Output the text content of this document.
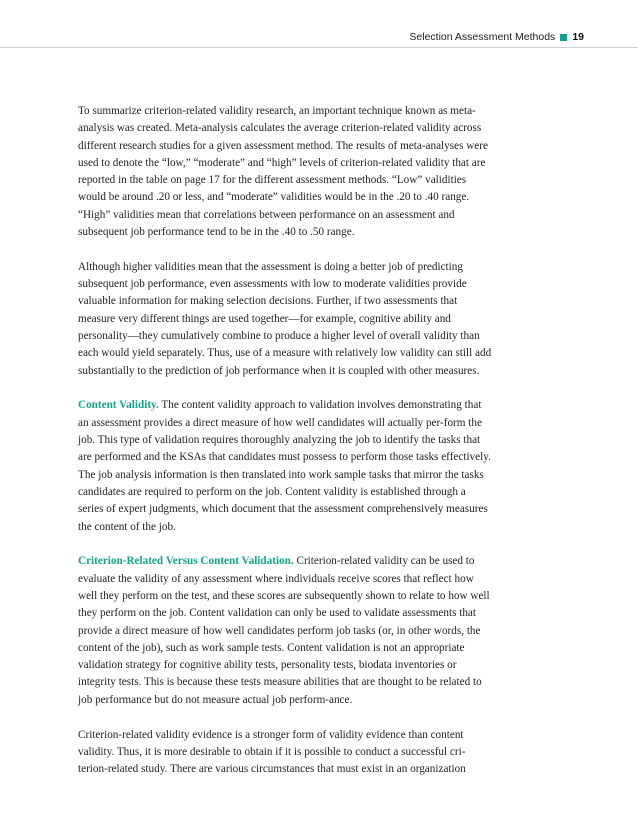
Selection Assessment Methods 19

To summarize criterion-related validity research, an important technique known as meta-analysis was created. Meta-analysis calculates the average criterion-related validity across different research studies for a given assessment method. The results of meta-analyses were used to denote the “low,” “moderate” and “high” levels of criterion-related validity that are reported in the table on page 17 for the different assessment methods. “Low” validities would be around .20 or less, and “moderate” validities would be in the .20 to .40 range. “High” validities mean that correlations between performance on an assessment and subsequent job performance tend to be in the .40 to .50 range.

Although higher validities mean that the assessment is doing a better job of predicting subsequent job performance, even assessments with low to moderate validities provide valuable information for making selection decisions. Further, if two assessments that measure very different things are used together—for example, cognitive ability and personality—they cumulatively combine to produce a higher level of overall validity than each would yield separately. Thus, use of a measure with relatively low validity can still add substantially to the prediction of job performance when it is coupled with other measures.

Content Validity. The content validity approach to validation involves demonstrating that an assessment provides a direct measure of how well candidates will actually per-form the job. This type of validation requires thoroughly analyzing the job to identify the tasks that are performed and the KSAs that candidates must possess to perform those tasks effectively. The job analysis information is then translated into work sample tasks that mirror the tasks candidates are required to perform on the job. Content validity is established through a series of expert judgments, which document that the assessment comprehensively measures the content of the job.

Criterion-Related Versus Content Validation. Criterion-related validity can be used to evaluate the validity of any assessment where individuals receive scores that reflect how well they perform on the test, and these scores are subsequently shown to relate to how well they perform on the job. Content validation can only be used to validate assessments that provide a direct measure of how well candidates perform job tasks (or, in other words, the content of the job), such as work sample tests. Content validation is not an appropriate validation strategy for cognitive ability tests, personality tests, biodata inventories or integrity tests. This is because these tests measure abilities that are thought to be related to job performance but do not measure actual job perform-ance.

Criterion-related validity evidence is a stronger form of validity evidence than content validity. Thus, it is more desirable to obtain if it is possible to conduct a successful cri-terion-related study. There are various circumstances that must exist in an organization
